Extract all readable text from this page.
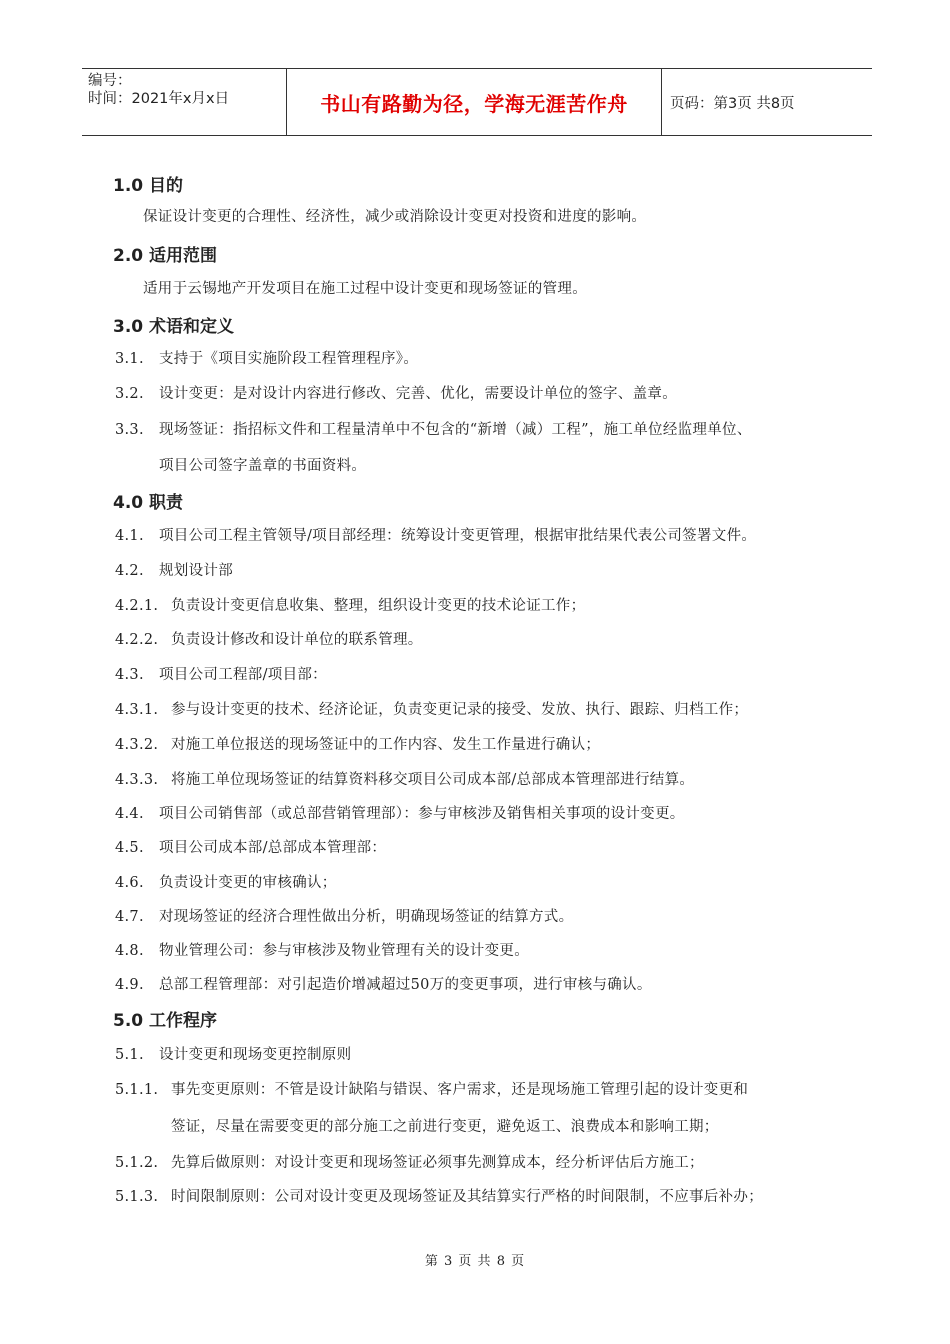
编号：
时间：2021年x月x日	书山有路勤为径，学海无涯苦作舟	页码：第3页 共8页
1.0 目的
保证设计变更的合理性、经济性，减少或消除设计变更对投资和进度的影响。
2.0 适用范围
适用于云锡地产开发项目在施工过程中设计变更和现场签证的管理。
3.0 术语和定义
3.1. 支持于《项目实施阶段工程管理程序》。
3.2. 设计变更：是对设计内容进行修改、完善、优化，需要设计单位的签字、盖章。
3.3. 现场签证：指招标文件和工程量清单中不包含的“新增（减）工程”，施工单位经监理单位、
项目公司签字盖章的书面资料。
4.0 职责
4.1. 项目公司工程主管领导/项目部经理：统筹设计变更管理，根据审批结果代表公司签署文件。
4.2. 规划设计部
4.2.1. 负责设计变更信息收集、整理，组织设计变更的技术论证工作；
4.2.2. 负责设计修改和设计单位的联系管理。
4.3. 项目公司工程部/项目部：
4.3.1. 参与设计变更的技术、经济论证，负责变更记录的接受、发放、执行、跟踪、归档工作；
4.3.2. 对施工单位报送的现场签证中的工作内容、发生工作量进行确认；
4.3.3. 将施工单位现场签证的结算资料移交项目公司成本部/总部成本管理部进行结算。
4.4. 项目公司销售部（或总部营销管理部）：参与审核涉及销售相关事项的设计变更。
4.5. 项目公司成本部/总部成本管理部：
4.6. 负责设计变更的审核确认；
4.7. 对现场签证的经济合理性做出分析，明确现场签证的结算方式。
4.8. 物业管理公司：参与审核涉及物业管理有关的设计变更。
4.9. 总部工程管理部：对引起造价增减超过50万的变更事项，进行审核与确认。
5.0 工作程序
5.1. 设计变更和现场变更控制原则
5.1.1. 事先变更原则：不管是设计缺陷与错误、客户需求，还是现场施工管理引起的设计变更和
签证，尽量在需要变更的部分施工之前进行变更，避免返工、浪费成本和影响工期；
5.1.2. 先算后做原则：对设计变更和现场签证必须事先测算成本，经分析评估后方施工；
5.1.3. 时间限制原则：公司对设计变更及现场签证及其结算实行严格的时间限制，不应事后补办；
第 3 页 共 8 页
